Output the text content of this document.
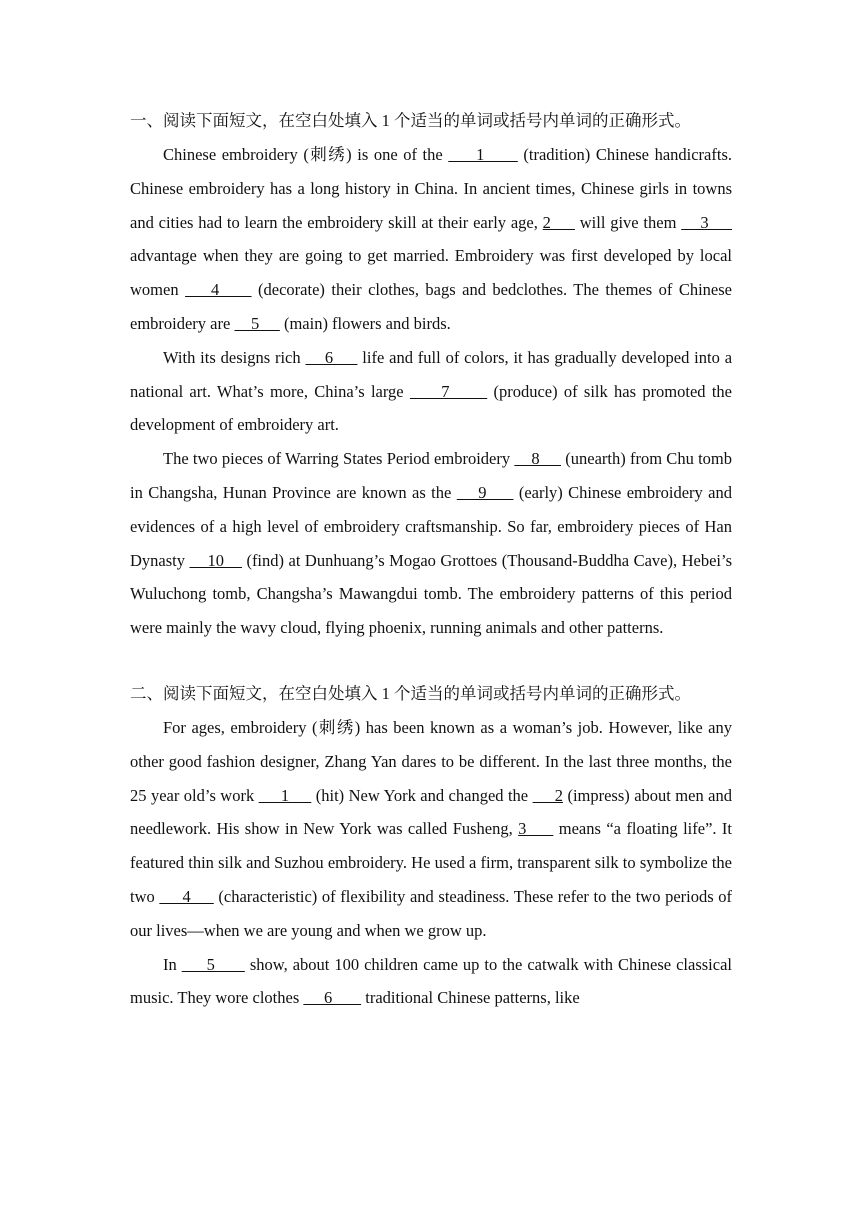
一、阅读下面短文，在空白处填入 1 个适当的单词或括号内单词的正确形式。

Chinese embroidery (刺绣) is one of the      1       (tradition) Chinese handicrafts. Chinese embroidery has a long history in China. In ancient times, Chinese girls in towns and cities had to learn the embroidery skill at their early age, 2      will give them     3      advantage when they are going to get married. Embroidery was first developed by local women     4      (decorate) their clothes, bags and bedclothes. The themes of Chinese embroidery are     5      (main) flowers and birds.

With its designs rich     6      life and full of colors, it has gradually developed into a national art. What’s more, China’s large      7       (produce) of silk has promoted the development of embroidery art.

The two pieces of Warring States Period embroidery     8      (unearth) from Chu tomb in Changsha, Hunan Province are known as the     9      (early) Chinese embroidery and evidences of a high level of embroidery craftsmanship. So far, embroidery pieces of Han Dynasty     10     (find) at Dunhuang’s Mogao Grottoes (Thousand-Buddha Cave), Hebei’s Wuluchong tomb, Changsha’s Mawangdui tomb. The embroidery patterns of this period were mainly the wavy cloud, flying phoenix, running animals and other patterns.

二、阅读下面短文，在空白处填入 1 个适当的单词或括号内单词的正确形式。

For ages, embroidery (刺绣) has been known as a woman’s job. However, like any other good fashion designer, Zhang Yan dares to be different. In the last three months, the 25 year old’s work      1      (hit) New York and changed the      2 (impress) about men and needlework. His show in New York was called Fusheng, 3      means “a floating life”. It featured thin silk and Suzhou embroidery. He used a firm, transparent silk to symbolize the two      4      (characteristic) of flexibility and steadiness. These refer to the two periods of our lives—when we are young and when we grow up.

In      5       show, about 100 children came up to the catwalk with Chinese classical music. They wore clothes      6        traditional Chinese patterns, like
